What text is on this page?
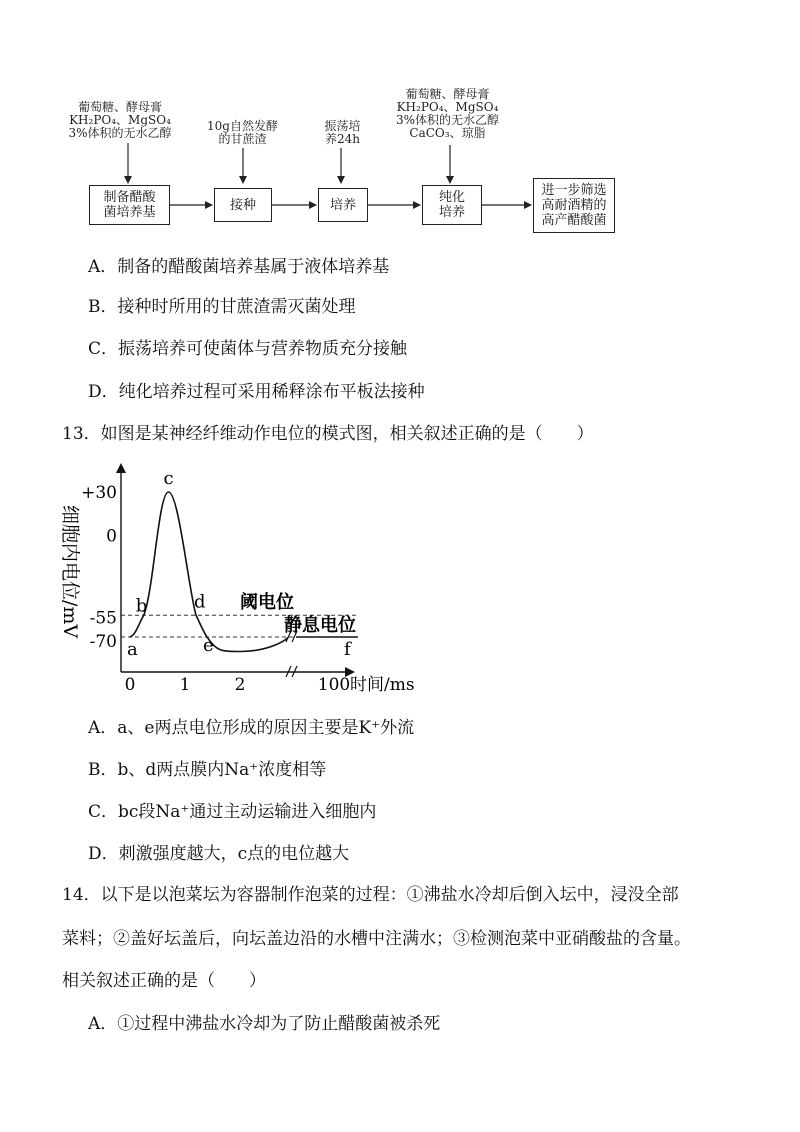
葡萄糖、酵母膏
KH₂PO₄、MgSO₄
3%体积的无水乙醇	10g自然发酵
的甘蔗渣
振荡培
养24h
葡萄糖、酵母膏
KH₂PO₄、MgSO₄
3%体积的无水乙醇
CaCO₃、琼脂
制备醋酸
菌培养基	接种	培养	纯化
培养
进一步筛选
高耐酒精的
高产醋酸菌
A．制备的醋酸菌培养基属于液体培养基
B．接种时所用的甘蔗渣需灭菌处理
C．振荡培养可使菌体与营养物质充分接触
D．纯化培养过程可采用稀释涂布平板法接种
13．如图是某神经纤维动作电位的模式图，相关叙述正确的是（　　）
+30
0
-55
-70
0	1	2	100 时间/ms
细胞内电位/mV
a
b
c
d
e	f
阈电位
静息电位
A．a、e两点电位形成的原因主要是K⁺外流
B．b、d两点膜内Na⁺浓度相等
C．bc段Na⁺通过主动运输进入细胞内
D．刺激强度越大，c点的电位越大
14．以下是以泡菜坛为容器制作泡菜的过程：①沸盐水冷却后倒入坛中，浸没全部
菜料；②盖好坛盖后，向坛盖边沿的水槽中注满水；③检测泡菜中亚硝酸盐的含量。
相关叙述正确的是（　　）
A．①过程中沸盐水冷却为了防止醋酸菌被杀死
